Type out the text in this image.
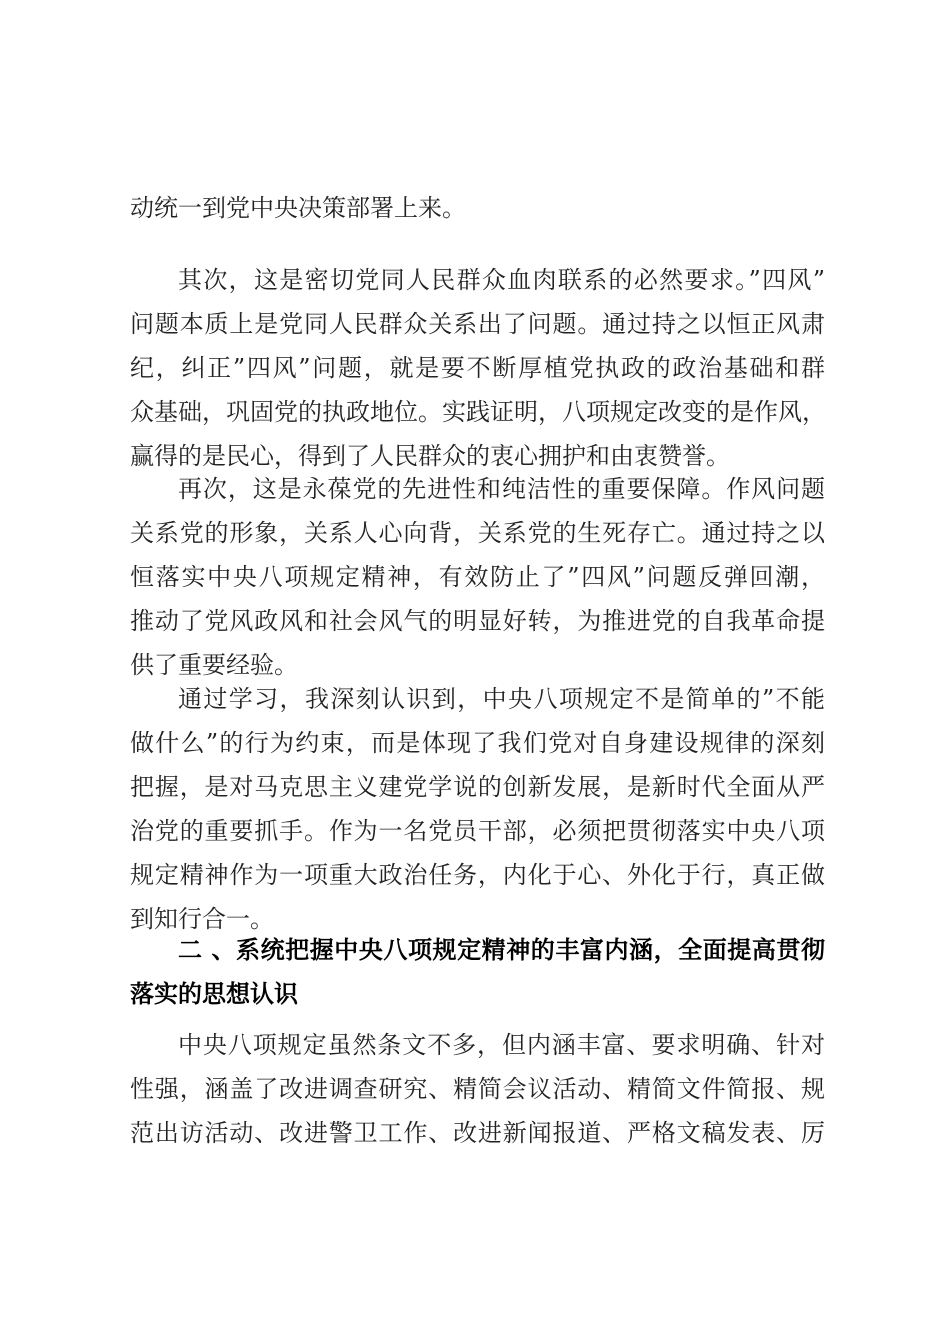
动统一到党中央决策部署上来。
其次，这是密切党同人民群众血肉联系的必然要求。”四风”
问题本质上是党同人民群众关系出了问题。通过持之以恒正风肃
纪，纠正”四风”问题，就是要不断厚植党执政的政治基础和群
众基础，巩固党的执政地位。实践证明，八项规定改变的是作风，
赢得的是民心，得到了人民群众的衷心拥护和由衷赞誉。
再次，这是永葆党的先进性和纯洁性的重要保障。作风问题
关系党的形象，关系人心向背，关系党的生死存亡。通过持之以
恒落实中央八项规定精神，有效防止了”四风”问题反弹回潮，
推动了党风政风和社会风气的明显好转，为推进党的自我革命提
供了重要经验。
通过学习，我深刻认识到，中央八项规定不是简单的”不能
做什么”的行为约束，而是体现了我们党对自身建设规律的深刻
把握，是对马克思主义建党学说的创新发展，是新时代全面从严
治党的重要抓手。作为一名党员干部，必须把贯彻落实中央八项
规定精神作为一项重大政治任务，内化于心、外化于行，真正做
到知行合一。
二 、系统把握中央八项规定精神的丰富内涵，全面提高贯彻
落实的思想认识
中央八项规定虽然条文不多，但内涵丰富、要求明确、针对
性强，涵盖了改进调查研究、精简会议活动、精简文件简报、规
范出访活动、改进警卫工作、改进新闻报道、严格文稿发表、厉
